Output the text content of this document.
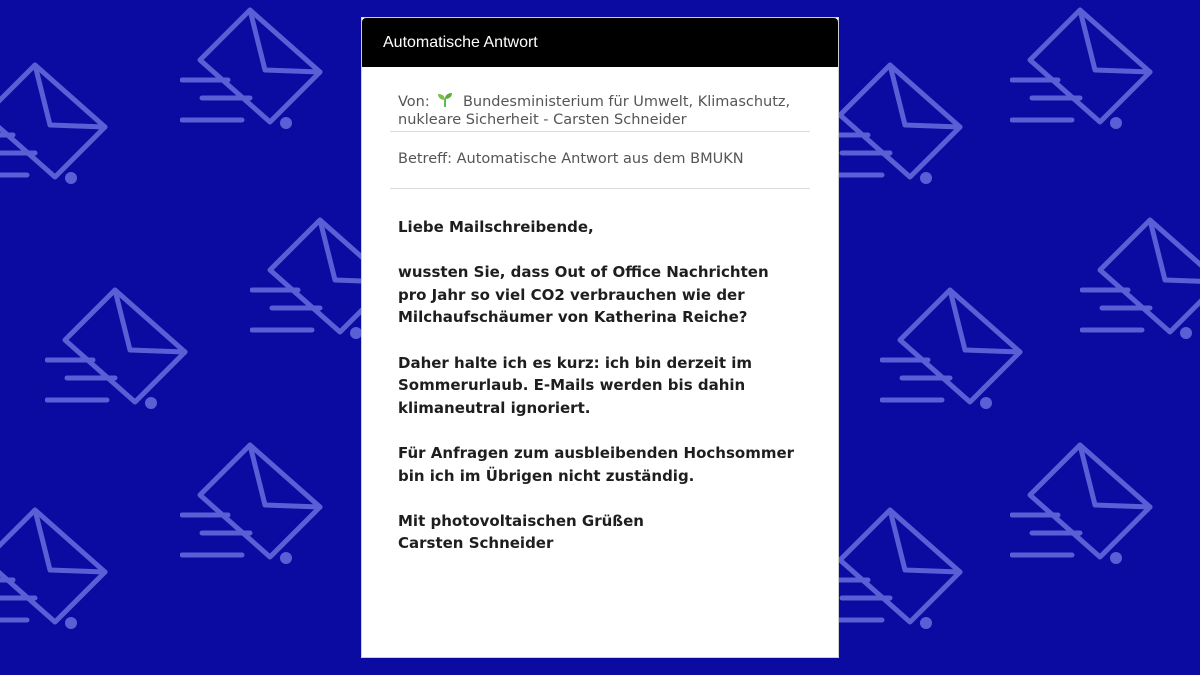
Automatische Antwort
Von: Bundesministerium für Umwelt, Klimaschutz, nukleare Sicherheit - Carsten Schneider
Betreff: Automatische Antwort aus dem BMUKN

Liebe Mailschreibende,

wussten Sie, dass Out of Office Nachrichten pro Jahr so viel CO2 verbrauchen wie der Milchaufschäumer von Katherina Reiche?

Daher halte ich es kurz: ich bin derzeit im Sommerurlaub. E-Mails werden bis dahin klimaneutral ignoriert.

Für Anfragen zum ausbleibenden Hochsommer bin ich im Übrigen nicht zuständig.

Mit photovoltaischen Grüßen
Carsten Schneider
